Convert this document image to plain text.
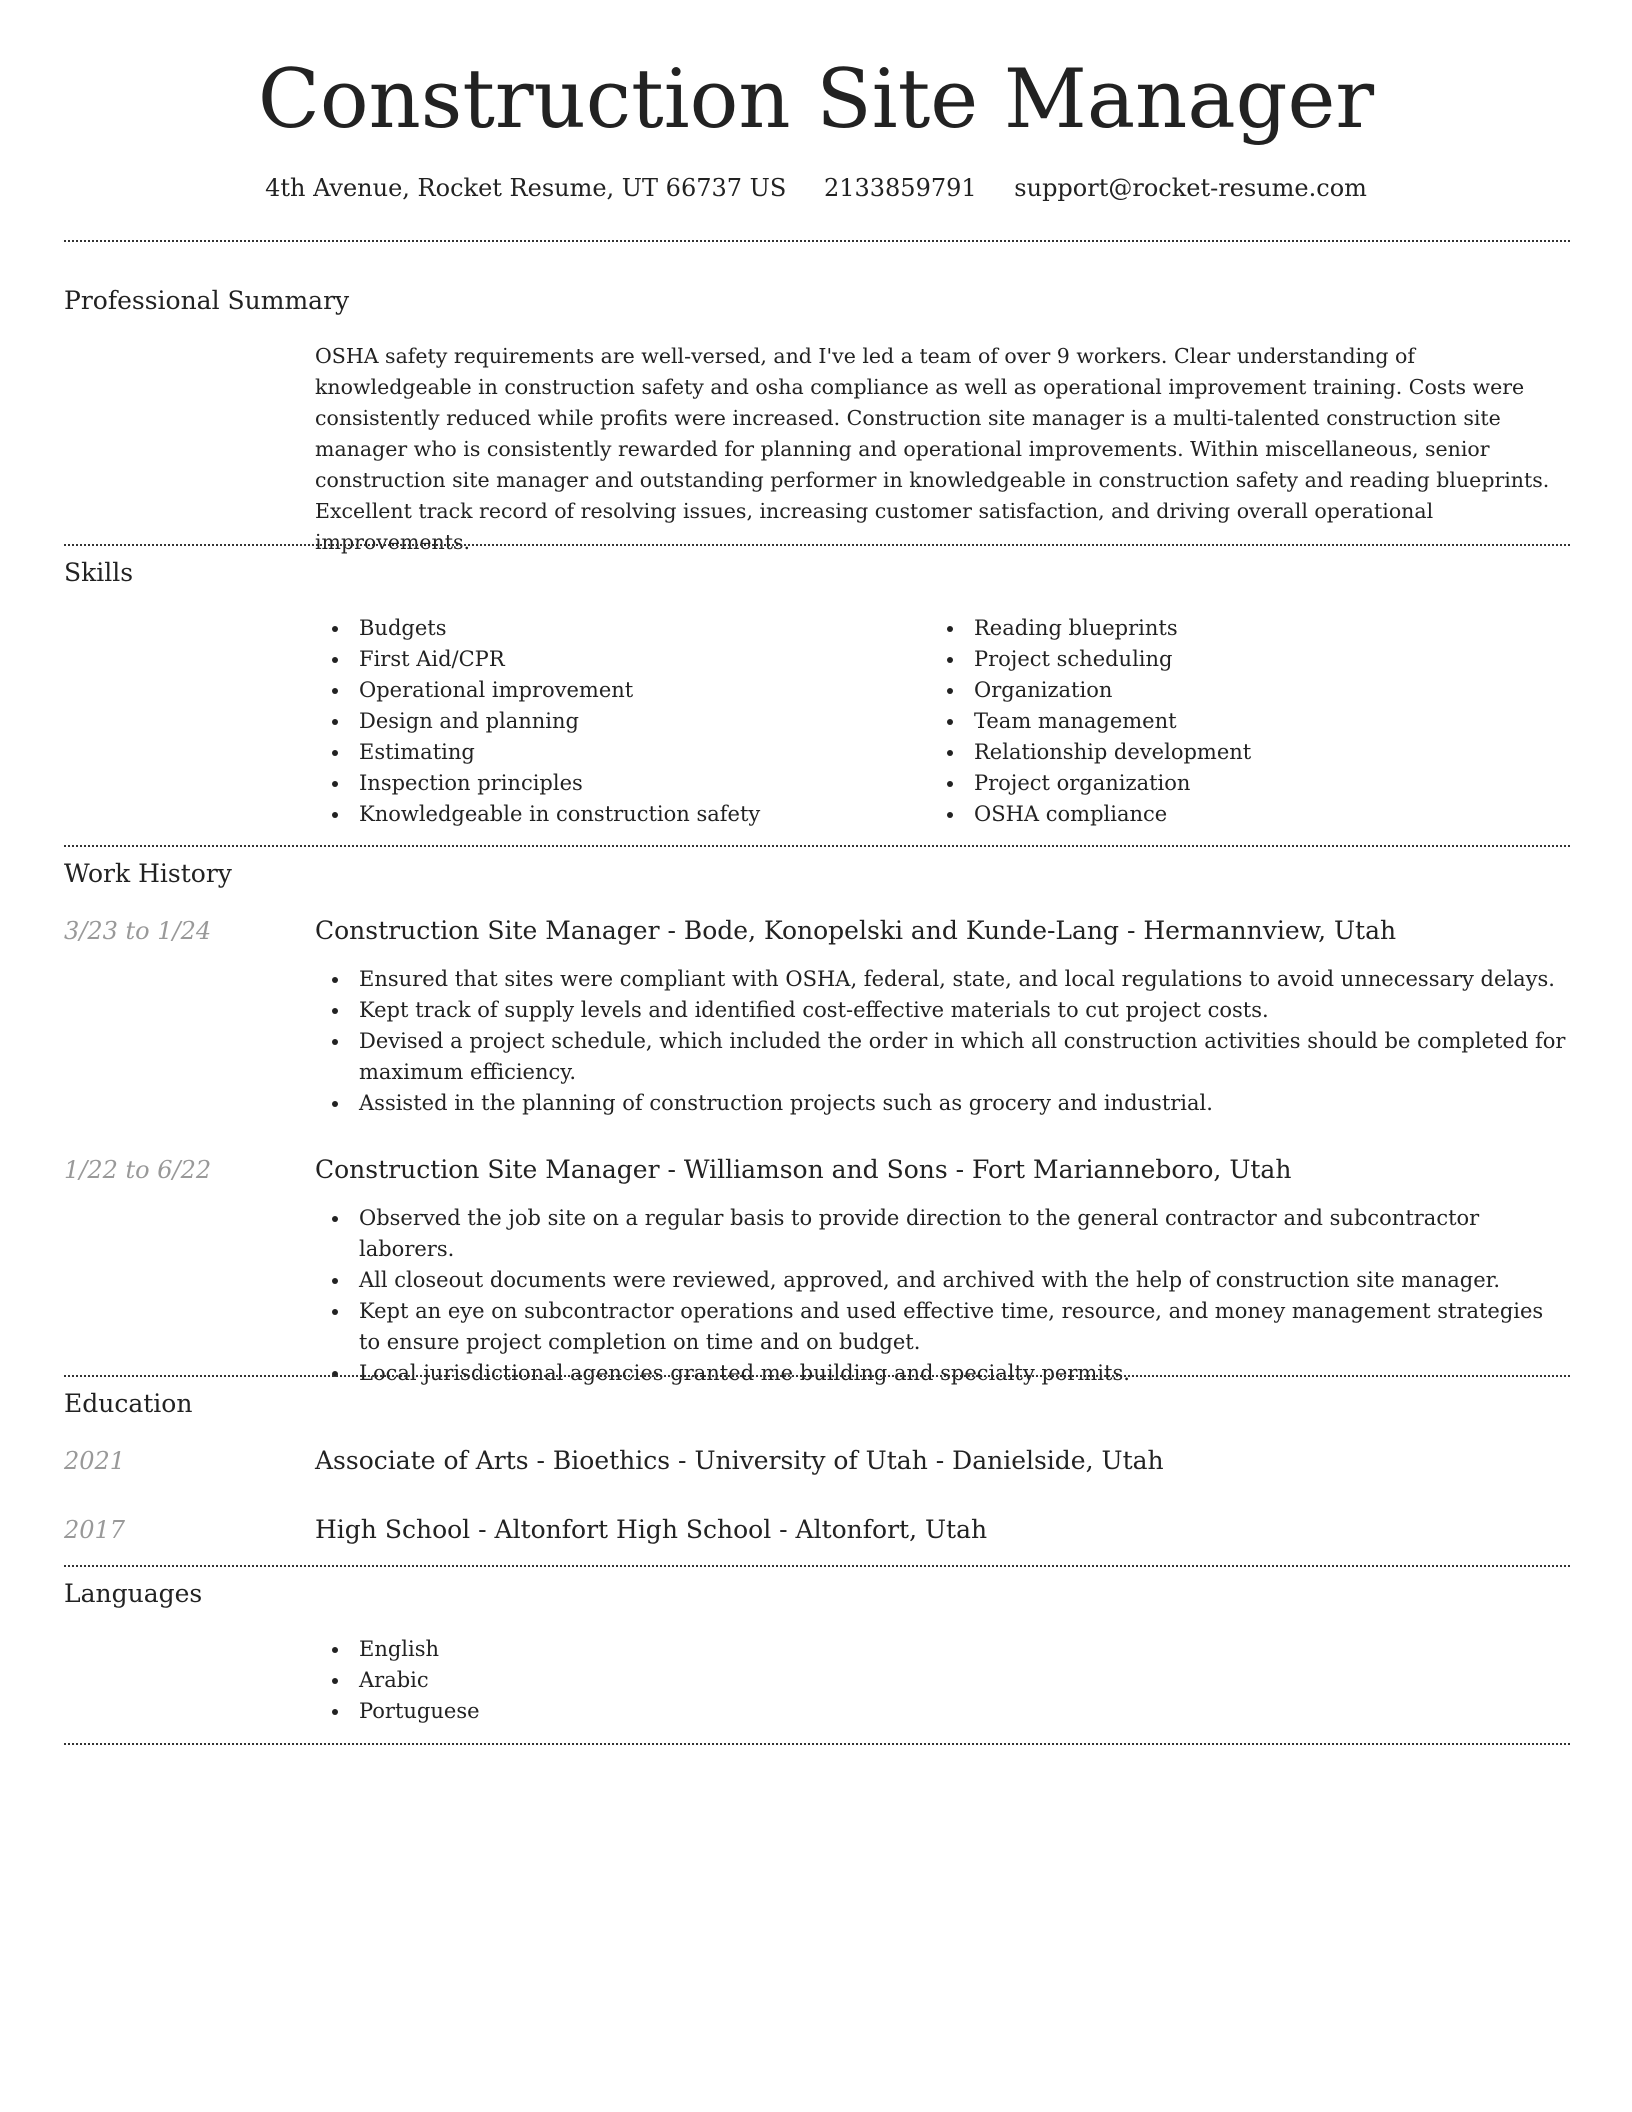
Construction Site Manager
4th Avenue, Rocket Resume, UT 66737 US 2133859791 support@rocket-resume.com
Professional Summary

OSHA safety requirements are well-versed, and I've led a team of over 9 workers. Clear understanding of knowledgeable in construction safety and osha compliance as well as operational improvement training. Costs were consistently reduced while profits were increased. Construction site manager is a multi-talented construction site manager who is consistently rewarded for planning and operational improvements. Within miscellaneous, senior construction site manager and outstanding performer in knowledgeable in construction safety and reading blueprints. Excellent track record of resolving issues, increasing customer satisfaction, and driving overall operational improvements.

Skills
Budgets
First Aid/CPR
Operational improvement
Design and planning
Estimating
Inspection principles
Knowledgeable in construction safety
Reading blueprints
Project scheduling
Organization
Team management
Relationship development
Project organization
OSHA compliance
Work History
3/23 to 1/24	Construction Site Manager - Bode, Konopelski and Kunde-Lang - Hermannview, Utah
Ensured that sites were compliant with OSHA, federal, state, and local regulations to avoid unnecessary delays.
Kept track of supply levels and identified cost-effective materials to cut project costs.
Devised a project schedule, which included the order in which all construction activities should be completed for maximum efficiency.
Assisted in the planning of construction projects such as grocery and industrial.
1/22 to 6/22	Construction Site Manager - Williamson and Sons - Fort Marianneboro, Utah
Observed the job site on a regular basis to provide direction to the general contractor and subcontractor laborers.
All closeout documents were reviewed, approved, and archived with the help of construction site manager.
Kept an eye on subcontractor operations and used effective time, resource, and money management strategies to ensure project completion on time and on budget.
Local jurisdictional agencies granted me building and specialty permits.
Education
2021	Associate of Arts - Bioethics - University of Utah - Danielside, Utah
2017	High School - Altonfort High School - Altonfort, Utah
Languages
English
Arabic
Portuguese
